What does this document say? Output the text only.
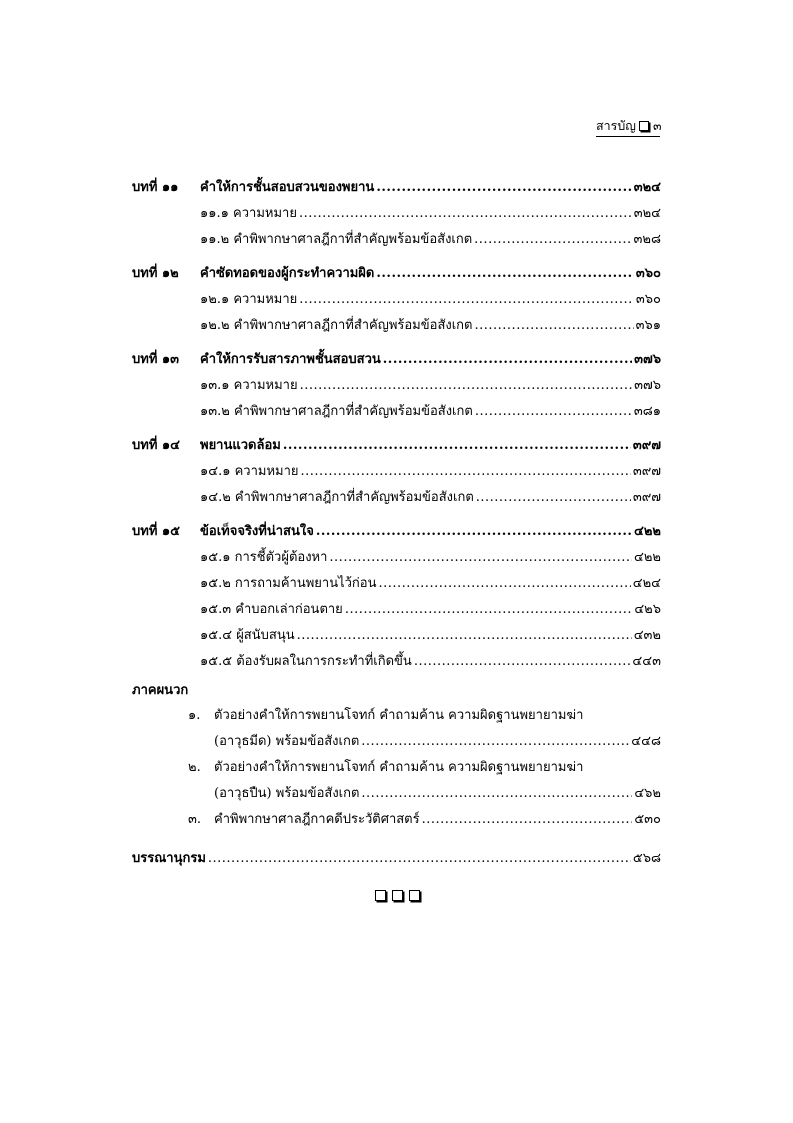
สารบัญ ๓
บทที่ ๑๑ คำให้การชั้นสอบสวนของพยาน .....	๓๒๔
๑๑.๑ ความหมาย .....	๓๒๔
๑๑.๒ คำพิพากษาศาลฎีกาที่สำคัญพร้อมข้อสังเกต .....	๓๒๘
บทที่ ๑๒ คำซัดทอดของผู้กระทำความผิด .....	๓๖๐
๑๒.๑ ความหมาย .....	๓๖๐
๑๒.๒ คำพิพากษาศาลฎีกาที่สำคัญพร้อมข้อสังเกต .....	๓๖๑
บทที่ ๑๓ คำให้การรับสารภาพชั้นสอบสวน .....	๓๗๖
๑๓.๑ ความหมาย .....	๓๗๖
๑๓.๒ คำพิพากษาศาลฎีกาที่สำคัญพร้อมข้อสังเกต .....	๓๘๑
บทที่ ๑๔ พยานแวดล้อม .....	๓๙๗
๑๔.๑ ความหมาย .....	๓๙๗
๑๔.๒ คำพิพากษาศาลฎีกาที่สำคัญพร้อมข้อสังเกต .....	๓๙๗
บทที่ ๑๕ ข้อเท็จจริงที่น่าสนใจ .....	๔๒๒
๑๕.๑ การชี้ตัวผู้ต้องหา .....	๔๒๒
๑๕.๒ การถามค้านพยานไว้ก่อน .....	๔๒๔
๑๕.๓ คำบอกเล่าก่อนตาย .....	๔๒๖
๑๕.๔ ผู้สนับสนุน .....	๔๓๒
๑๕.๕ ต้องรับผลในการกระทำที่เกิดขึ้น .....	๔๔๓
ภาคผนวก
๑. ตัวอย่างคำให้การพยานโจทก์ คำถามค้าน ความผิดฐานพยายามฆ่า
(อาวุธมีด) พร้อมข้อสังเกต .....	๔๔๘
๒. ตัวอย่างคำให้การพยานโจทก์ คำถามค้าน ความผิดฐานพยายามฆ่า
(อาวุธปืน) พร้อมข้อสังเกต .....	๔๖๒
๓. คำพิพากษาศาลฎีกาคดีประวัติศาสตร์ .....	๕๓๐
บรรณานุกรม .....	๕๖๘
